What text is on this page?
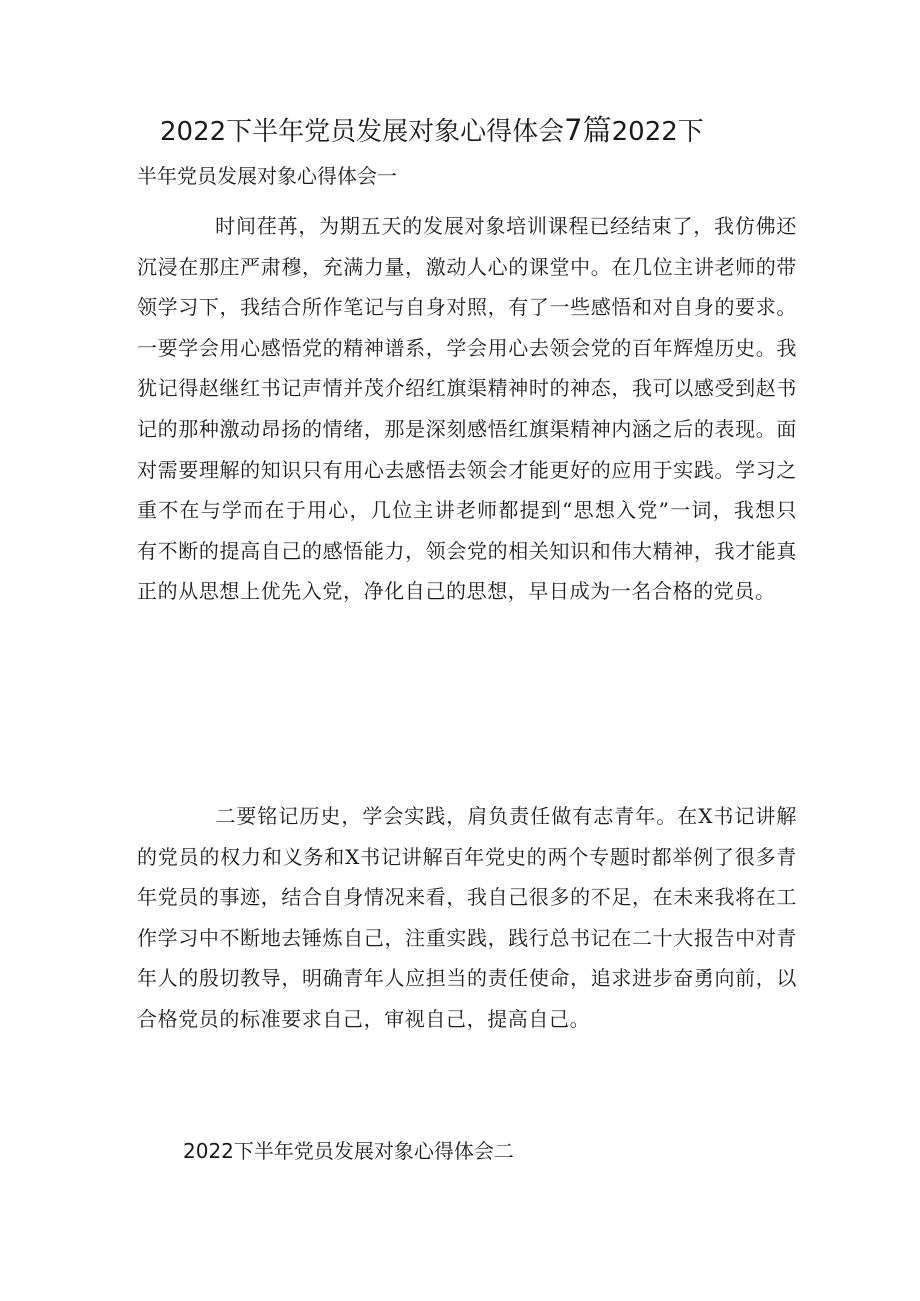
2022下半年党员发展对象心得体会7篇2022下
半年党员发展对象心得体会一

时间荏苒，为期五天的发展对象培训课程已经结束了，我仿佛还沉浸在那庄严肃穆，充满力量，激动人心的课堂中。在几位主讲老师的带领学习下，我结合所作笔记与自身对照，有了一些感悟和对自身的要求。一要学会用心感悟党的精神谱系，学会用心去领会党的百年辉煌历史。我犹记得赵继红书记声情并茂介绍红旗渠精神时的神态，我可以感受到赵书记的那种激动昂扬的情绪，那是深刻感悟红旗渠精神内涵之后的表现。面对需要理解的知识只有用心去感悟去领会才能更好的应用于实践。学习之重不在与学而在于用心，几位主讲老师都提到“思想入党”一词，我想只有不断的提高自己的感悟能力，领会党的相关知识和伟大精神，我才能真正的从思想上优先入党，净化自己的思想，早日成为一名合格的党员。

二要铭记历史，学会实践，肩负责任做有志青年。在X书记讲解的党员的权力和义务和X书记讲解百年党史的两个专题时都举例了很多青年党员的事迹，结合自身情况来看，我自己很多的不足，在未来我将在工作学习中不断地去锤炼自己，注重实践，践行总书记在二十大报告中对青年人的殷切教导，明确青年人应担当的责任使命，追求进步奋勇向前，以合格党员的标准要求自己，审视自己，提高自己。

2022下半年党员发展对象心得体会二
